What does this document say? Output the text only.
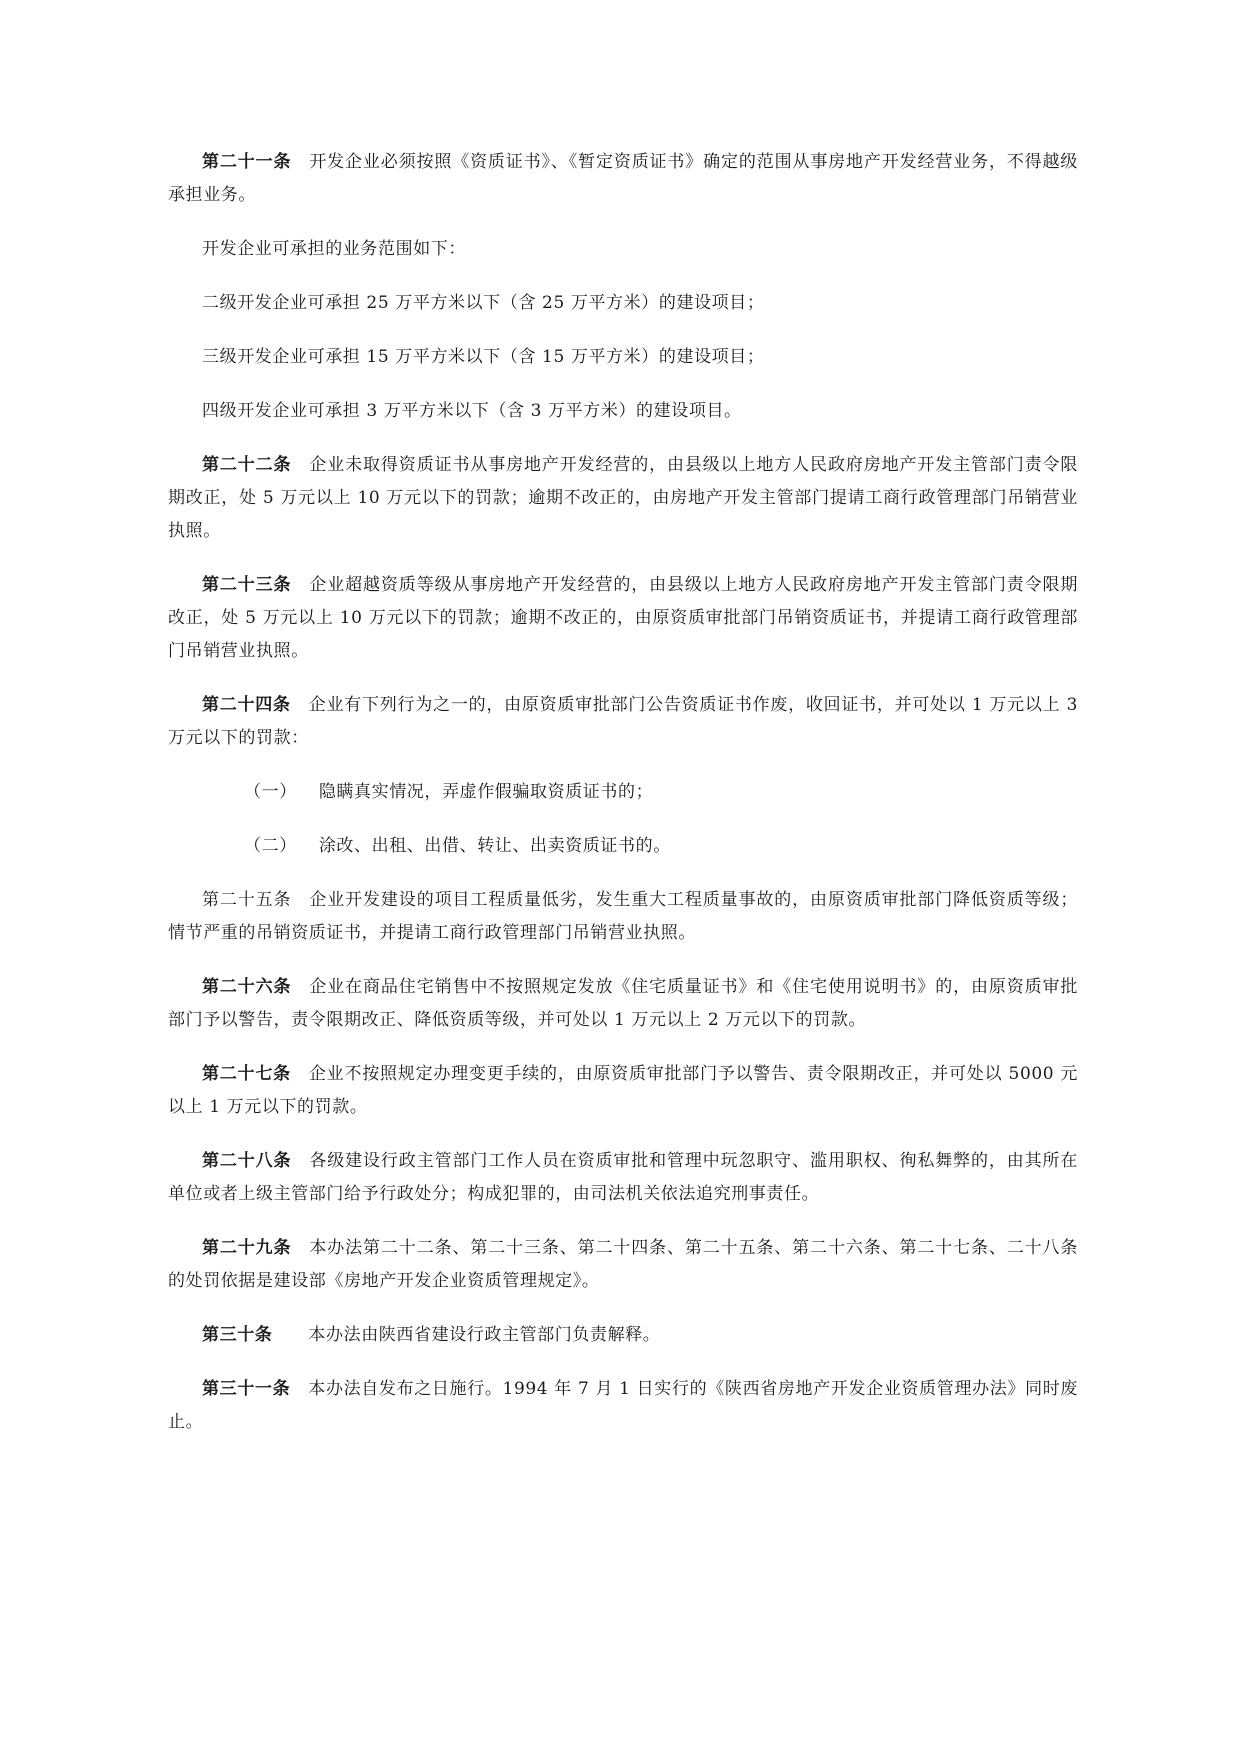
第二十一条 开发企业必须按照《资质证书》、《暂定资质证书》确定的范围从事房地产开发经营业务，不得越级承担业务。

开发企业可承担的业务范围如下：

二级开发企业可承担 25 万平方米以下（含 25 万平方米）的建设项目；

三级开发企业可承担 15 万平方米以下（含 15 万平方米）的建设项目；

四级开发企业可承担 3 万平方米以下（含 3 万平方米）的建设项目。

第二十二条 企业未取得资质证书从事房地产开发经营的，由县级以上地方人民政府房地产开发主管部门责令限期改正，处 5 万元以上 10 万元以下的罚款；逾期不改正的，由房地产开发主管部门提请工商行政管理部门吊销营业执照。

第二十三条 企业超越资质等级从事房地产开发经营的，由县级以上地方人民政府房地产开发主管部门责令限期改正，处 5 万元以上 10 万元以下的罚款；逾期不改正的，由原资质审批部门吊销资质证书，并提请工商行政管理部门吊销营业执照。

第二十四条 企业有下列行为之一的，由原资质审批部门公告资质证书作废，收回证书，并可处以 1 万元以上 3 万元以下的罚款：

（一） 隐瞒真实情况，弄虚作假骗取资质证书的；

（二） 涂改、出租、出借、转让、出卖资质证书的。

第二十五条 企业开发建设的项目工程质量低劣，发生重大工程质量事故的，由原资质审批部门降低资质等级；情节严重的吊销资质证书，并提请工商行政管理部门吊销营业执照。

第二十六条 企业在商品住宅销售中不按照规定发放《住宅质量证书》和《住宅使用说明书》的，由原资质审批部门予以警告，责令限期改正、降低资质等级，并可处以 1 万元以上 2 万元以下的罚款。

第二十七条 企业不按照规定办理变更手续的，由原资质审批部门予以警告、责令限期改正，并可处以 5000 元以上 1 万元以下的罚款。

第二十八条 各级建设行政主管部门工作人员在资质审批和管理中玩忽职守、滥用职权、徇私舞弊的，由其所在单位或者上级主管部门给予行政处分；构成犯罪的，由司法机关依法追究刑事责任。

第二十九条 本办法第二十二条、第二十三条、第二十四条、第二十五条、第二十六条、第二十七条、二十八条的处罚依据是建设部《房地产开发企业资质管理规定》。

第三十条 本办法由陕西省建设行政主管部门负责解释。

第三十一条 本办法自发布之日施行。1994 年 7 月 1 日实行的《陕西省房地产开发企业资质管理办法》同时废止。
